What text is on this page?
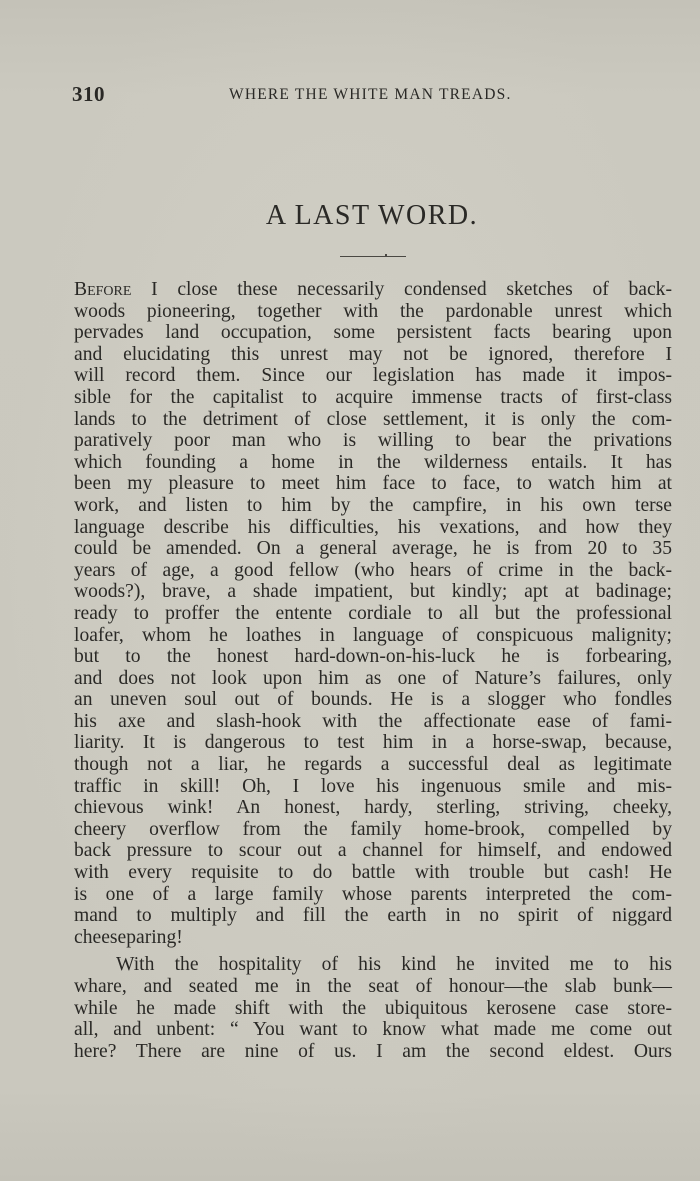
310	WHERE THE WHITE MAN TREADS.
A LAST WORD.
Before I close these necessarily condensed sketches of back-
woods pioneering, together with the pardonable unrest which
pervades land occupation, some persistent facts bearing upon
and elucidating this unrest may not be ignored, therefore I
will record them. Since our legislation has made it impos-
sible for the capitalist to acquire immense tracts of first-class
lands to the detriment of close settlement, it is only the com-
paratively poor man who is willing to bear the privations
which founding a home in the wilderness entails. It has
been my pleasure to meet him face to face, to watch him at
work, and listen to him by the campfire, in his own terse
language describe his difficulties, his vexations, and how they
could be amended. On a general average, he is from 20 to 35
years of age, a good fellow (who hears of crime in the back-
woods?), brave, a shade impatient, but kindly; apt at badinage;
ready to proffer the entente cordiale to all but the professional
loafer, whom he loathes in language of conspicuous malignity;
but to the honest hard-down-on-his-luck he is forbearing,
and does not look upon him as one of Nature’s failures, only
an uneven soul out of bounds. He is a slogger who fondles
his axe and slash-hook with the affectionate ease of fami-
liarity. It is dangerous to test him in a horse-swap, because,
though not a liar, he regards a successful deal as legitimate
traffic in skill! Oh, I love his ingenuous smile and mis-
chievous wink! An honest, hardy, sterling, striving, cheeky,
cheery overflow from the family home-brook, compelled by
back pressure to scour out a channel for himself, and endowed
with every requisite to do battle with trouble but cash! He
is one of a large family whose parents interpreted the com-
mand to multiply and fill the earth in no spirit of niggard
cheeseparing!
With the hospitality of his kind he invited me to his
whare, and seated me in the seat of honour—the slab bunk—
while he made shift with the ubiquitous kerosene case store-
all, and unbent: “ You want to know what made me come out
here? There are nine of us. I am the second eldest. Ours
